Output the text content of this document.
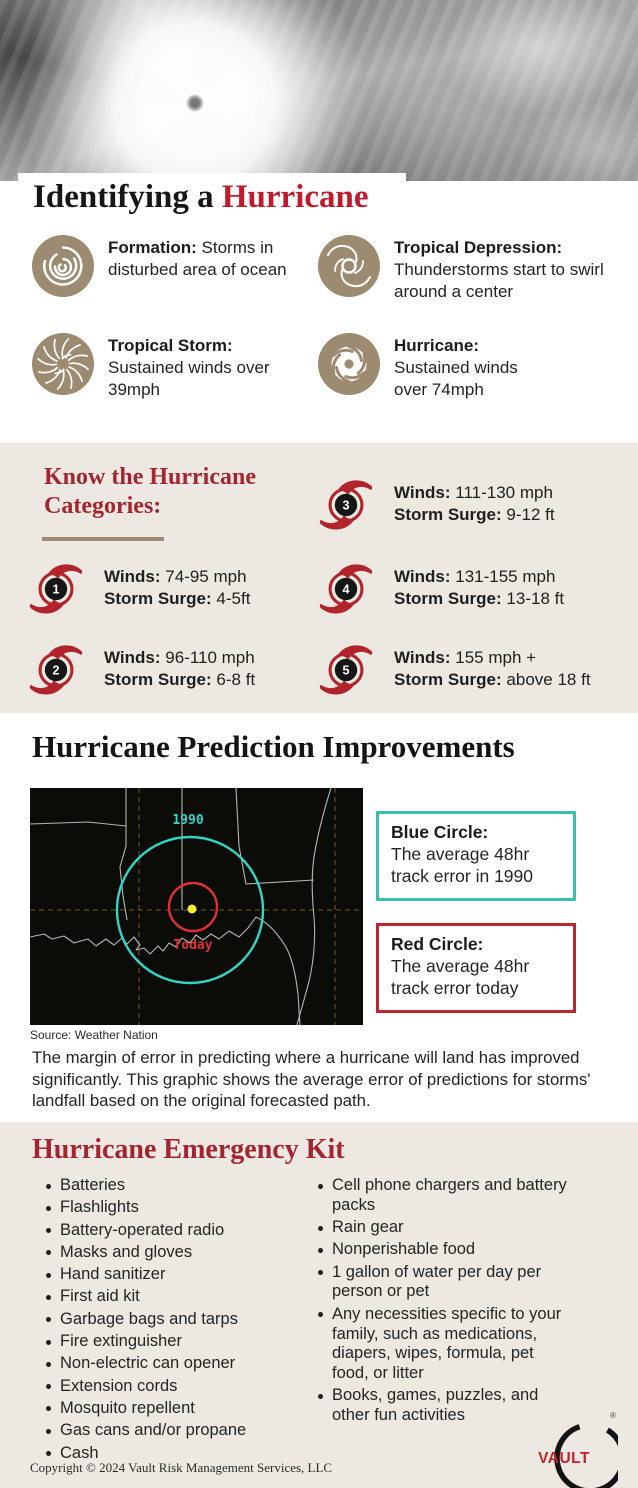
Identifying a Hurricane

Formation: Storms in disturbed area of ocean

Tropical Depression: Thunderstorms start to swirl around a center

Tropical Storm: Sustained winds over 39mph

Hurricane:
Sustained winds over 74mph

Know the Hurricane Categories:
1
Winds: 74-95 mph
Storm Surge: 4-5ft
2
Winds: 96-110 mph
Storm Surge: 6-8 ft
3
Winds: 111-130 mph
Storm Surge: 9-12 ft
4
Winds: 131-155 mph
Storm Surge: 13-18 ft
5
Winds: 155 mph +
Storm Surge: above 18 ft
Hurricane Prediction Improvements
1990
Today
Source: Weather Nation
Blue Circle:
The average 48hr track error in 1990
Red Circle:
The average 48hr track error today

The margin of error in predicting where a hurricane will land has improved significantly. This graphic shows the average error of predictions for storms' landfall based on the original forecasted path.

Hurricane Emergency Kit
Batteries
Flashlights
Battery-operated radio
Masks and gloves
Hand sanitizer
First aid kit
Garbage bags and tarps
Fire extinguisher
Non-electric can opener
Extension cords
Mosquito repellent
Gas cans and/or propane
Cash
Cell phone chargers and battery packs
Rain gear
Nonperishable food
1 gallon of water per day per person or pet
Any necessities specific to your family, such as medications, diapers, wipes, formula, pet food, or litter
Books, games, puzzles, and other fun activities
Copyright © 2024 Vault Risk Management Services, LLC
VAULT
®
